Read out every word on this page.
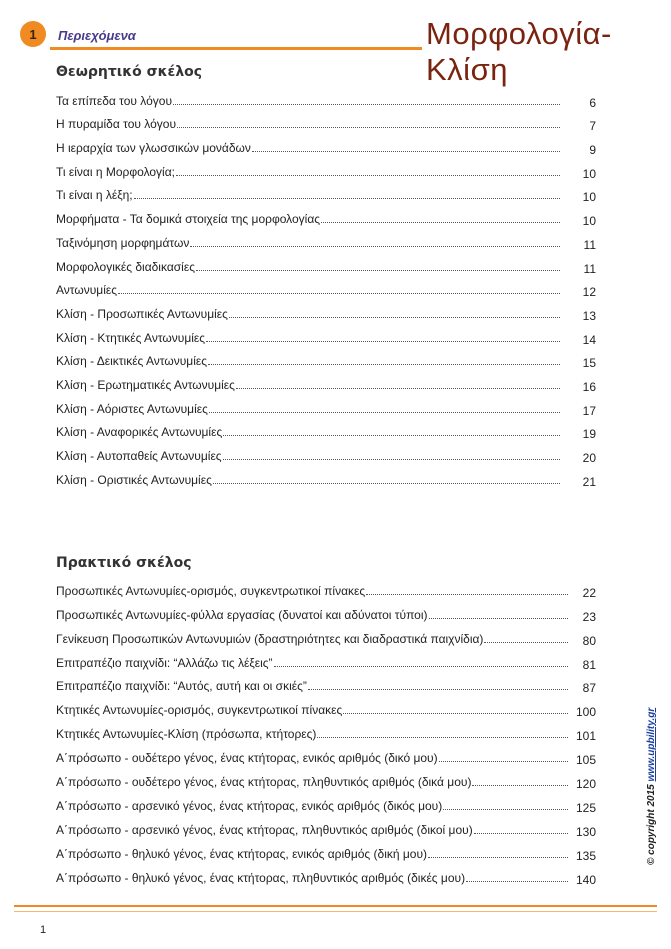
1	Περιεχόμενα	Μορφολογία-Κλίση
Θεωρητικό σκέλος
Τα επίπεδα του λόγου	6
Η πυραμίδα του λόγου	7
Η ιεραρχία των γλωσσικών μονάδων	9
Τι είναι η Μορφολογία;	10
Τι είναι η λέξη;	10
Μορφήματα - Τα δομικά στοιχεία της μορφολογίας	10
Ταξινόμηση μορφημάτων	11
Μορφολογικές διαδικασίες	11
Αντωνυμίες	12
Κλίση - Προσωπικές Αντωνυμίες	13
Κλίση - Κτητικές Αντωνυμίες	14
Κλίση - Δεικτικές Αντωνυμίες	15
Κλίση - Ερωτηματικές Αντωνυμίες	16
Κλίση - Αόριστες Αντωνυμίες	17
Κλίση - Αναφορικές Αντωνυμίες	19
Κλίση - Αυτοπαθείς Αντωνυμίες	20
Κλίση - Οριστικές Αντωνυμίες	21
Πρακτικό σκέλος
Προσωπικές Αντωνυμίες-ορισμός, συγκεντρωτικοί πίνακες	22
Προσωπικές Αντωνυμίες-φύλλα εργασίας (δυνατοί και αδύνατοι τύποι)	23
Γενίκευση Προσωπικών Αντωνυμιών (δραστηριότητες και διαδραστικά παιχνίδια)	80
Επιτραπέζιο παιχνίδι: “Αλλάζω τις λέξεις”	81
Επιτραπέζιο παιχνίδι: “Αυτός, αυτή και οι σκιές”	87
Κτητικές Αντωνυμίες-ορισμός, συγκεντρωτικοί πίνακες	100
Κτητικές Αντωνυμίες-Κλίση (πρόσωπα, κτήτορες)	101
Α΄πρόσωπο - ουδέτερο γένος, ένας κτήτορας, ενικός αριθμός (δικό μου)	105
Α΄πρόσωπο - ουδέτερο γένος, ένας κτήτορας, πληθυντικός αριθμός (δικά μου)	120
Α΄πρόσωπο - αρσενικό γένος, ένας κτήτορας, ενικός αριθμός (δικός μου)	125
Α΄πρόσωπο - αρσενικό γένος, ένας κτήτορας, πληθυντικός αριθμός (δικοί μου)	130
Α΄πρόσωπο - θηλυκό γένος, ένας κτήτορας, ενικός αριθμός (δική μου)	135
Α΄πρόσωπο - θηλυκό γένος, ένας κτήτορας, πληθυντικός αριθμός (δικές μου)	140
© copyright 2015 www.upbility.gr
1
